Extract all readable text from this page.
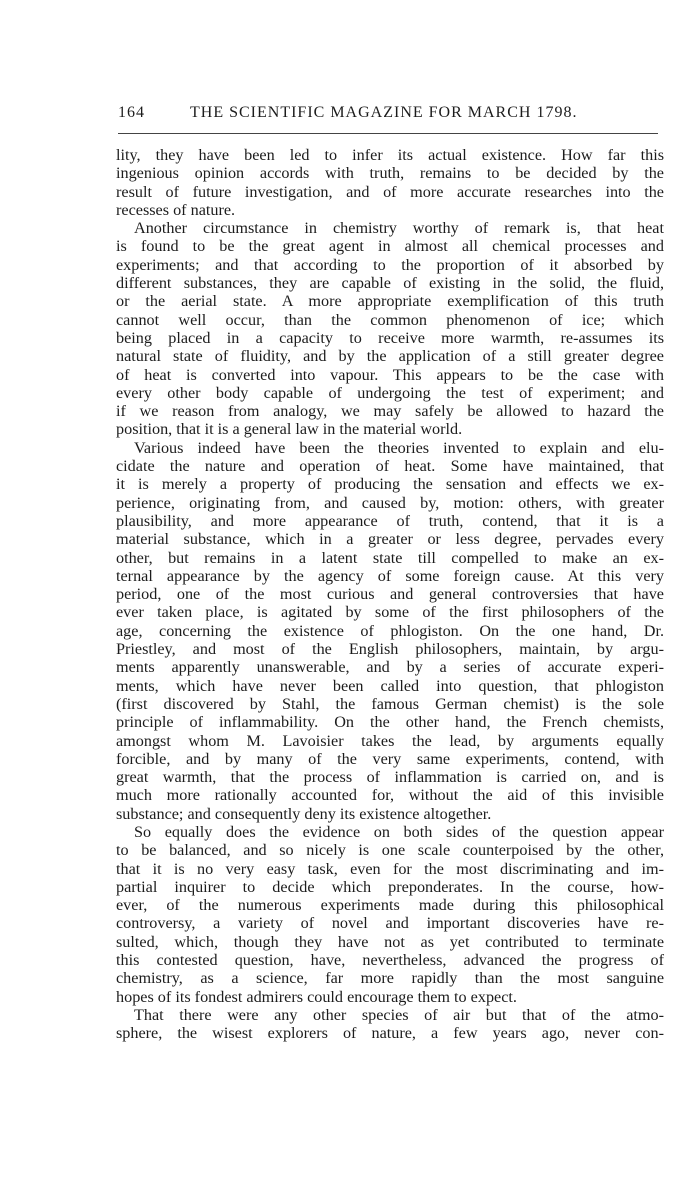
164	THE SCIENTIFIC MAGAZINE FOR MARCH 1798.
lity, they have been led to infer its actual existence. How far this
ingenious opinion accords with truth, remains to be decided by the
result of future investigation, and of more accurate researches into the
recesses of nature.
Another circumstance in chemistry worthy of remark is, that heat
is found to be the great agent in almost all chemical processes and
experiments; and that according to the proportion of it absorbed by
different substances, they are capable of existing in the solid, the fluid,
or the aerial state. A more appropriate exemplification of this truth
cannot well occur, than the common phenomenon of ice; which
being placed in a capacity to receive more warmth, re-assumes its
natural state of fluidity, and by the application of a still greater degree
of heat is converted into vapour. This appears to be the case with
every other body capable of undergoing the test of experiment; and
if we reason from analogy, we may safely be allowed to hazard the
position, that it is a general law in the material world.
Various indeed have been the theories invented to explain and elu-
cidate the nature and operation of heat. Some have maintained, that
it is merely a property of producing the sensation and effects we ex-
perience, originating from, and caused by, motion: others, with greater
plausibility, and more appearance of truth, contend, that it is a
material substance, which in a greater or less degree, pervades every
other, but remains in a latent state till compelled to make an ex-
ternal appearance by the agency of some foreign cause. At this very
period, one of the most curious and general controversies that have
ever taken place, is agitated by some of the first philosophers of the
age, concerning the existence of phlogiston. On the one hand, Dr.
Priestley, and most of the English philosophers, maintain, by argu-
ments apparently unanswerable, and by a series of accurate experi-
ments, which have never been called into question, that phlogiston
(first discovered by Stahl, the famous German chemist) is the sole
principle of inflammability. On the other hand, the French chemists,
amongst whom M. Lavoisier takes the lead, by arguments equally
forcible, and by many of the very same experiments, contend, with
great warmth, that the process of inflammation is carried on, and is
much more rationally accounted for, without the aid of this invisible
substance; and consequently deny its existence altogether.
So equally does the evidence on both sides of the question appear
to be balanced, and so nicely is one scale counterpoised by the other,
that it is no very easy task, even for the most discriminating and im-
partial inquirer to decide which preponderates. In the course, how-
ever, of the numerous experiments made during this philosophical
controversy, a variety of novel and important discoveries have re-
sulted, which, though they have not as yet contributed to terminate
this contested question, have, nevertheless, advanced the progress of
chemistry, as a science, far more rapidly than the most sanguine
hopes of its fondest admirers could encourage them to expect.
That there were any other species of air but that of the atmo-
sphere, the wisest explorers of nature, a few years ago, never con-
